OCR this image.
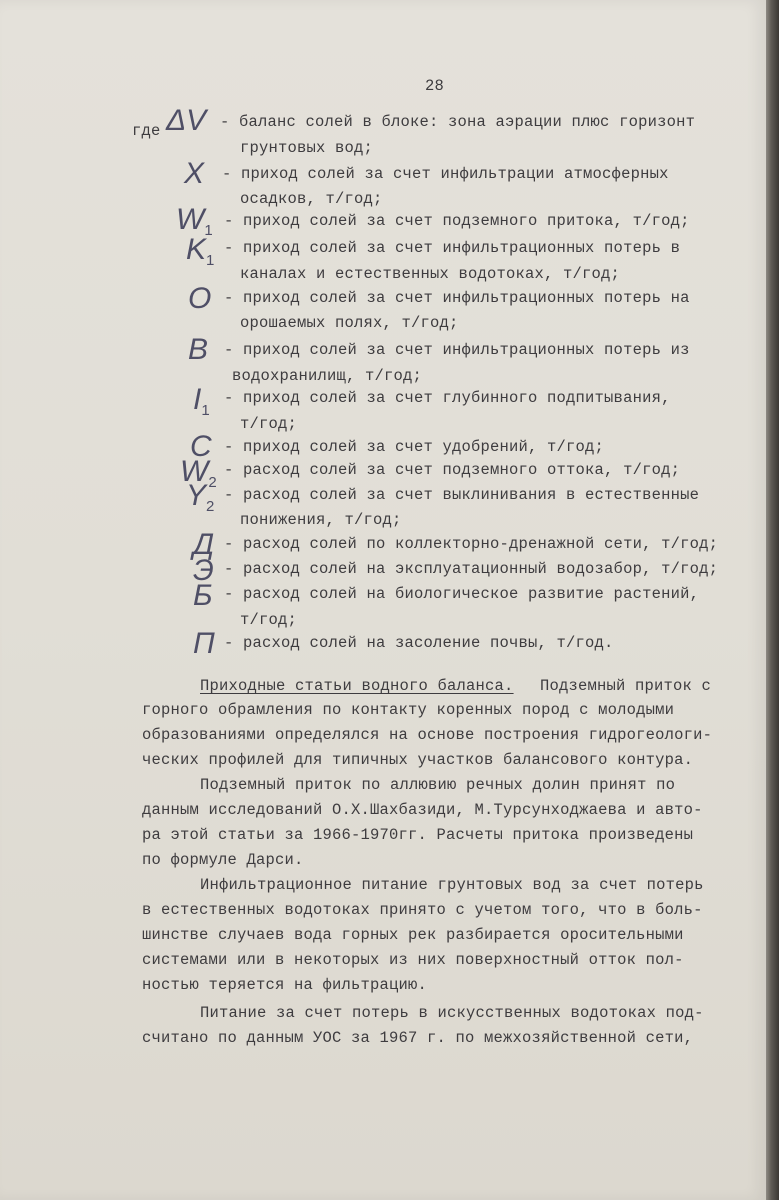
28
где ΔV - баланс солей в блоке: зона аэрации плюс горизонт
грунтовых вод;
X - приход солей за счет инфильтрации атмосферных
осадков, т/год;
$W_1$
- приход солей за счет подземного притока, т/год;
$K_1$
- приход солей за счет инфильтрационных потерь в
каналах и естественных водотоках, т/год;
O - приход солей за счет инфильтрационных потерь на
орошаемых полях, т/год;
В - приход солей за счет инфильтрационных потерь из
водохранилищ, т/год;
$I_1$
- приход солей за счет глубинного подпитывания,
т/год;
С - приход солей за счет удобрений, т/год;
$W_2$
- расход солей за счет подземного оттока, т/год;
$Y_2$
- расход солей за счет выклинивания в естественные
понижения, т/год;
Д - расход солей по коллекторно-дренажной сети, т/год;
Э - расход солей на эксплуатационный водозабор, т/год;
Б - расход солей на биологическое развитие растений,
т/год;
П - расход солей на засоление почвы, т/год.
Приходные статьи водного баланса. Подземный приток с
горного обрамления по контакту коренных пород с молодыми
образованиями определялся на основе построения гидрогеологи-
ческих профилей для типичных участков балансового контура.
Подземный приток по аллювию речных долин принят по
данным исследований О.Х.Шахбазиди, М.Турсунходжаева и авто-
ра этой статьи за 1966-1970гг. Расчеты притока произведены
по формуле Дарси.
Инфильтрационное питание грунтовых вод за счет потерь
в естественных водотоках принято с учетом того, что в боль-
шинстве случаев вода горных рек разбирается оросительными
системами или в некоторых из них поверхностный отток пол-
ностью теряется на фильтрацию.
Питание за счет потерь в искусственных водотоках под-
считано по данным УОС за 1967 г. по межхозяйственной сети,
